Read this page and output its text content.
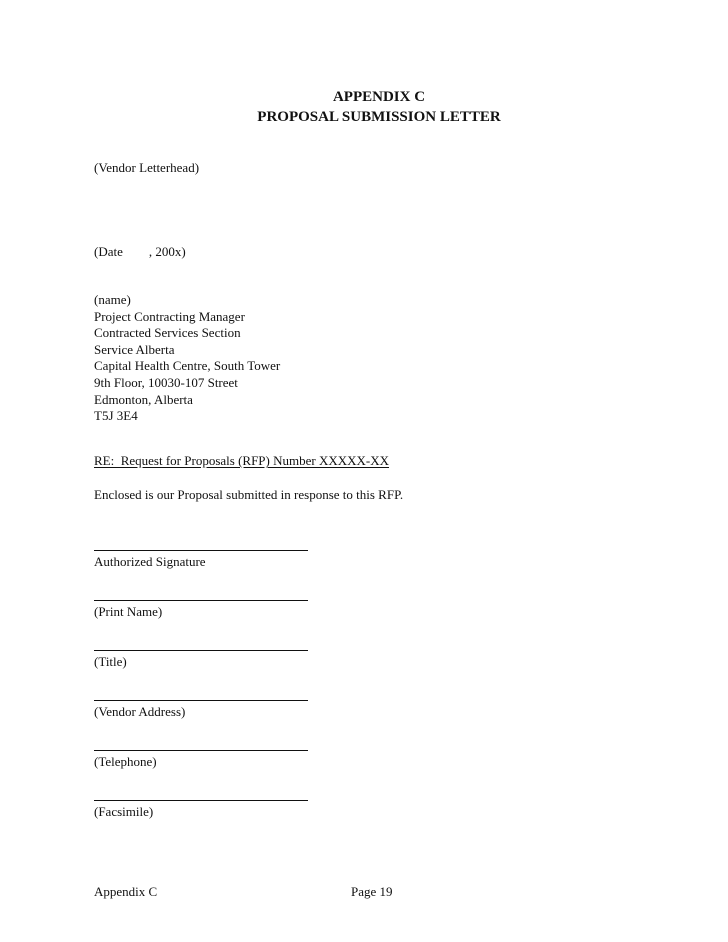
APPENDIX C
PROPOSAL SUBMISSION LETTER
(Vendor Letterhead)
(Date        , 200x)
(name)
Project Contracting Manager
Contracted Services Section
Service Alberta
Capital Health Centre, South Tower
9th Floor, 10030-107 Street
Edmonton, Alberta
T5J 3E4
RE:  Request for Proposals (RFP) Number XXXXX-XX
Enclosed is our Proposal submitted in response to this RFP.
Authorized Signature
(Print Name)
(Title)
(Vendor Address)
(Telephone)
(Facsimile)
Appendix C	Page 19
